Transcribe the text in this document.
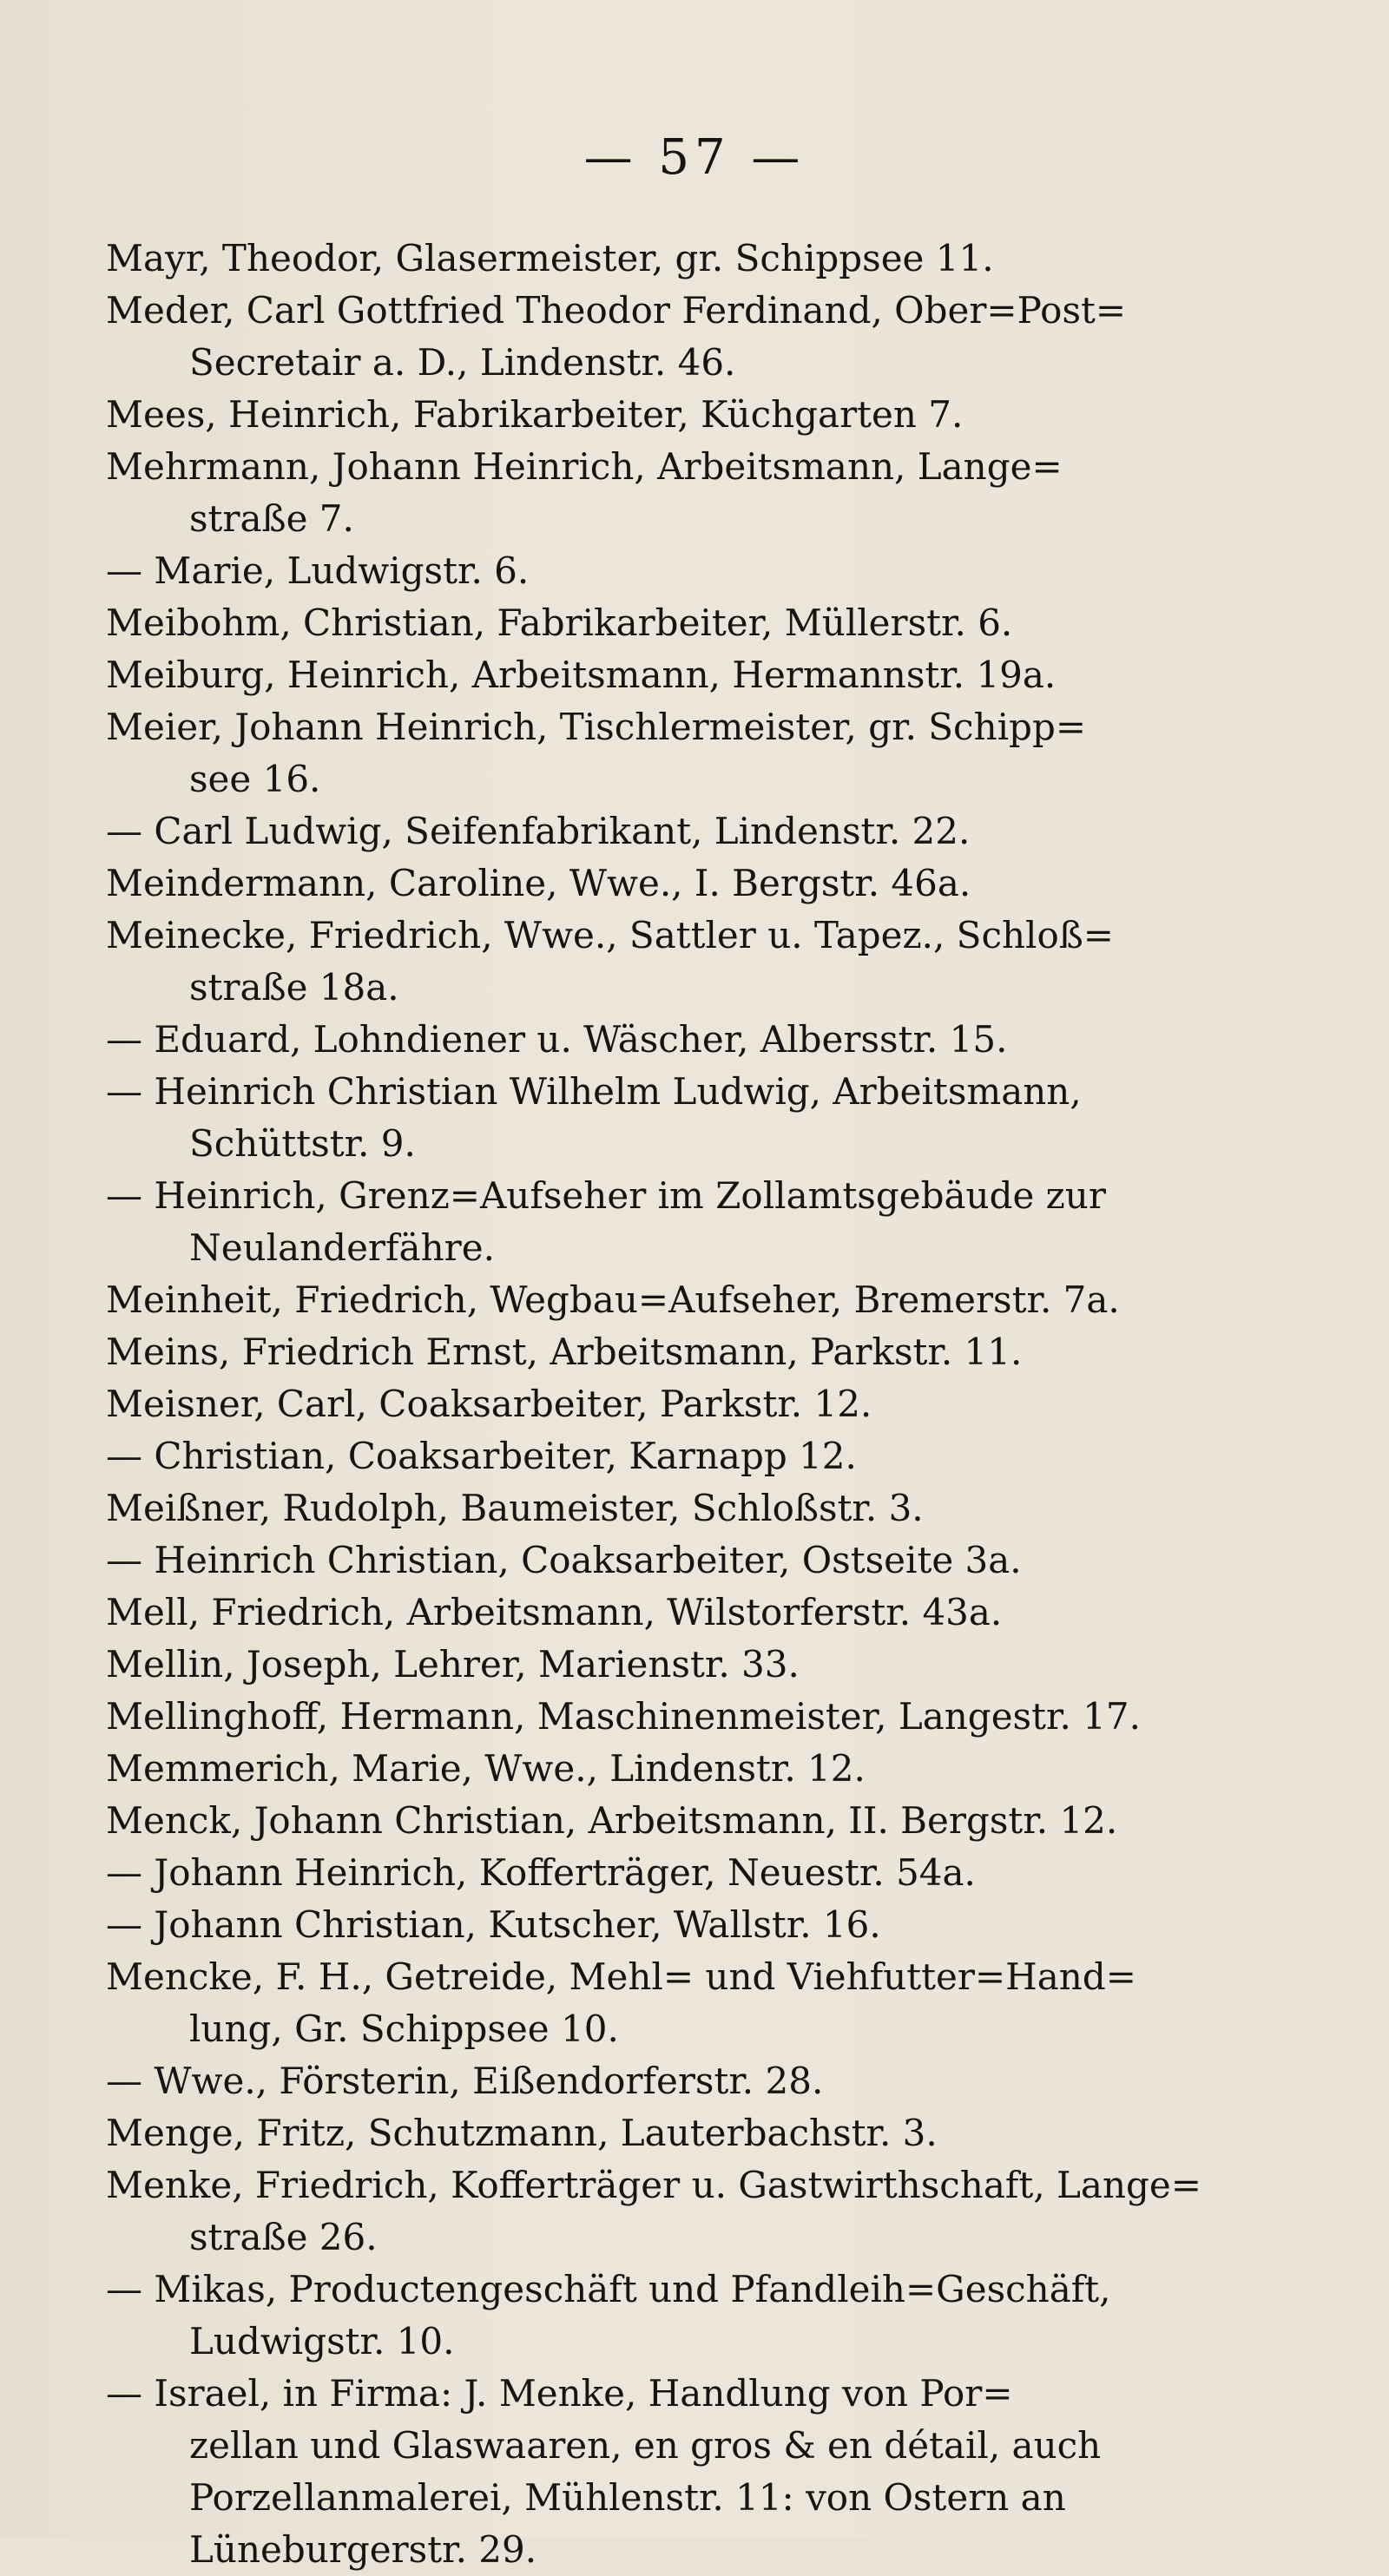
— 57 —

Mayr, Theodor, Glasermeister, gr. Schippsee 11.

Meder, Carl Gottfried Theodor Ferdinand, Ober=Post=
Secretair a. D., Lindenstr. 46.

Mees, Heinrich, Fabrikarbeiter, Küchgarten 7.

Mehrmann, Johann Heinrich, Arbeitsmann, Lange=
straße 7.

— Marie, Ludwigstr. 6.

Meibohm, Christian, Fabrikarbeiter, Müllerstr. 6.

Meiburg, Heinrich, Arbeitsmann, Hermannstr. 19a.

Meier, Johann Heinrich, Tischlermeister, gr. Schipp=
see 16.

— Carl Ludwig, Seifenfabrikant, Lindenstr. 22.

Meindermann, Caroline, Wwe., I. Bergstr. 46a.

Meinecke, Friedrich, Wwe., Sattler u. Tapez., Schloß=
straße 18a.

— Eduard, Lohndiener u. Wäscher, Albersstr. 15.

— Heinrich Christian Wilhelm Ludwig, Arbeitsmann,
Schüttstr. 9.

— Heinrich, Grenz=Aufseher im Zollamtsgebäude zur
Neulanderfähre.

Meinheit, Friedrich, Wegbau=Aufseher, Bremerstr. 7a.

Meins, Friedrich Ernst, Arbeitsmann, Parkstr. 11.

Meisner, Carl, Coaksarbeiter, Parkstr. 12.

— Christian, Coaksarbeiter, Karnapp 12.

Meißner, Rudolph, Baumeister, Schloßstr. 3.

— Heinrich Christian, Coaksarbeiter, Ostseite 3a.

Mell, Friedrich, Arbeitsmann, Wilstorferstr. 43a.

Mellin, Joseph, Lehrer, Marienstr. 33.

Mellinghoff, Hermann, Maschinenmeister, Langestr. 17.

Memmerich, Marie, Wwe., Lindenstr. 12.

Menck, Johann Christian, Arbeitsmann, II. Bergstr. 12.

— Johann Heinrich, Kofferträger, Neuestr. 54a.

— Johann Christian, Kutscher, Wallstr. 16.

Mencke, F. H., Getreide, Mehl= und Viehfutter=Hand=
lung, Gr. Schippsee 10.

— Wwe., Försterin, Eißendorferstr. 28.

Menge, Fritz, Schutzmann, Lauterbachstr. 3.

Menke, Friedrich, Kofferträger u. Gastwirthschaft, Lange=
straße 26.

— Mikas, Productengeschäft und Pfandleih=Geschäft,
Ludwigstr. 10.

— Israel, in Firma: J. Menke, Handlung von Por=
zellan und Glaswaaren, en gros & en détail, auch
Porzellanmalerei, Mühlenstr. 11: von Ostern an
Lüneburgerstr. 29.
